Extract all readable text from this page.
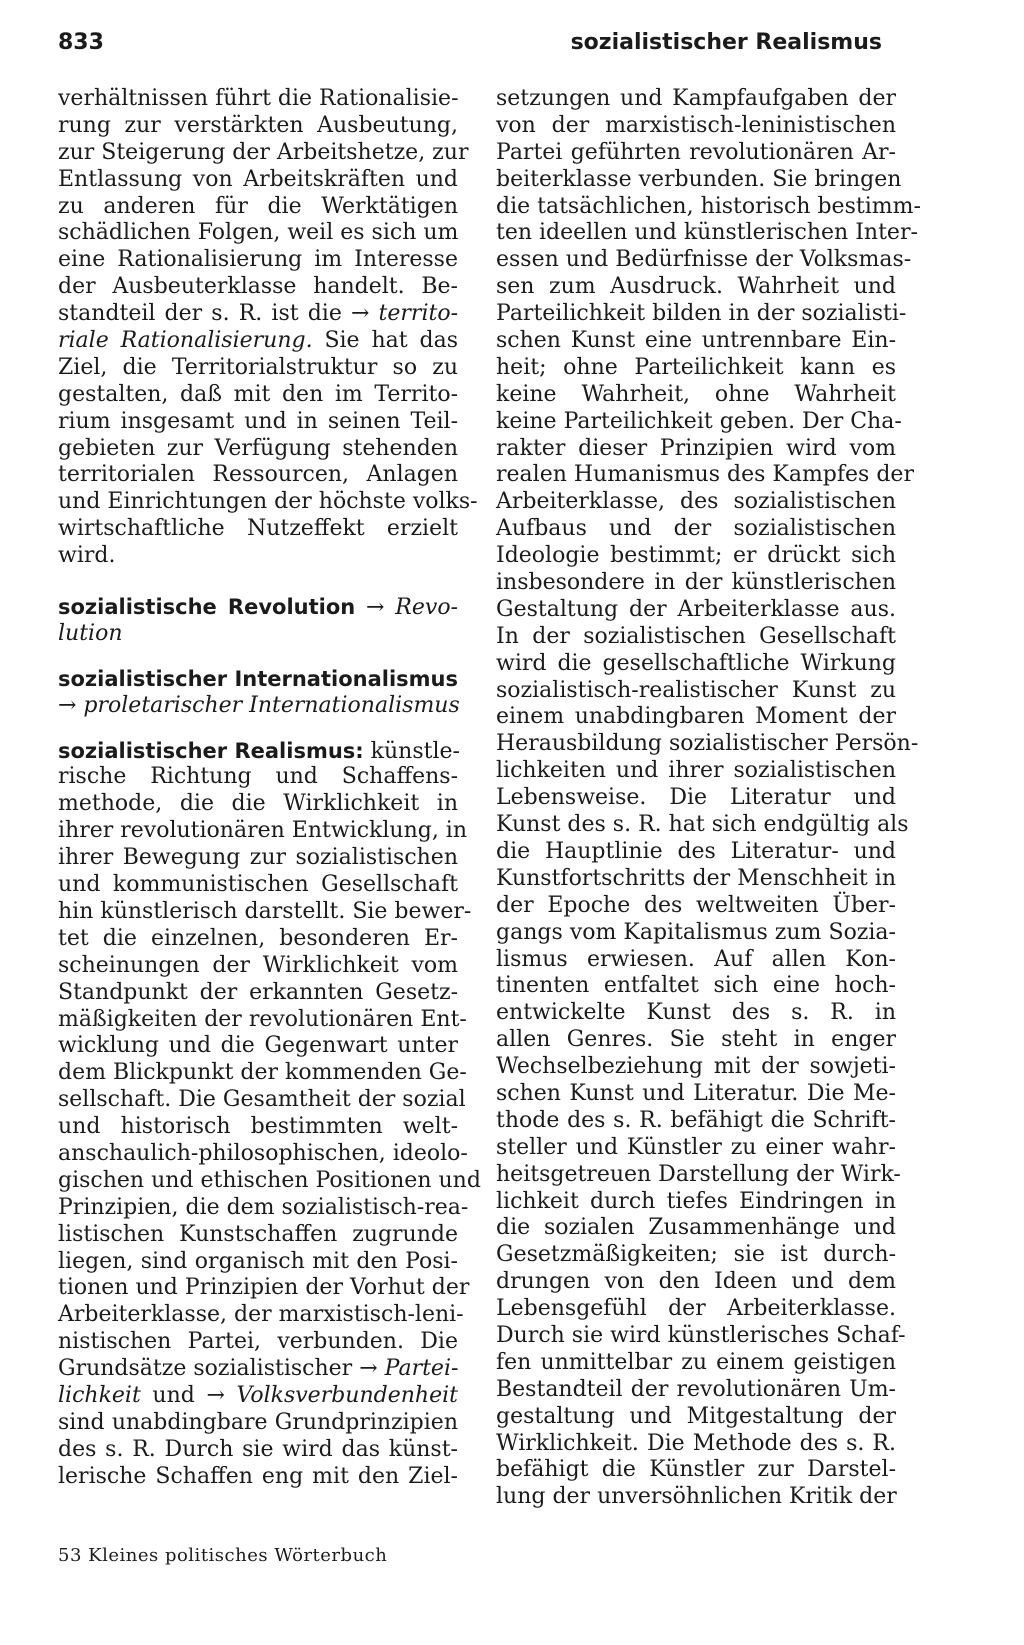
833	sozialistischer Realismus
verhältnissen führt die Rationalisie-
rung zur verstärkten Ausbeutung,
zur Steigerung der Arbeitshetze, zur
Entlassung von Arbeitskräften und
zu anderen für die Werktätigen
schädlichen Folgen, weil es sich um
eine Rationalisierung im Interesse
der Ausbeuterklasse handelt. Be-
standteil der s. R. ist die → territo-
riale Rationalisierung. Sie hat das
Ziel, die Territorialstruktur so zu
gestalten, daß mit den im Territo-
rium insgesamt und in seinen Teil-
gebieten zur Verfügung stehenden
territorialen Ressourcen, Anlagen
und Einrichtungen der höchste volks-
wirtschaftliche Nutzeffekt erzielt
wird.
sozialistische Revolution → Revo-
lution
sozialistischer Internationalismus
→ proletarischer Internationalismus
sozialistischer Realismus: künstle-
rische Richtung und Schaffens-
methode, die die Wirklichkeit in
ihrer revolutionären Entwicklung, in
ihrer Bewegung zur sozialistischen
und kommunistischen Gesellschaft
hin künstlerisch darstellt. Sie bewer-
tet die einzelnen, besonderen Er-
scheinungen der Wirklichkeit vom
Standpunkt der erkannten Gesetz-
mäßigkeiten der revolutionären Ent-
wicklung und die Gegenwart unter
dem Blickpunkt der kommenden Ge-
sellschaft. Die Gesamtheit der sozial
und historisch bestimmten welt-
anschaulich-philosophischen, ideolo-
gischen und ethischen Positionen und
Prinzipien, die dem sozialistisch-rea-
listischen Kunstschaffen zugrunde
liegen, sind organisch mit den Posi-
tionen und Prinzipien der Vorhut der
Arbeiterklasse, der marxistisch-leni-
nistischen Partei, verbunden. Die
Grundsätze sozialistischer → Partei-
lichkeit und → Volksverbundenheit
sind unabdingbare Grundprinzipien
des s. R. Durch sie wird das künst-
lerische Schaffen eng mit den Ziel-
setzungen und Kampfaufgaben der
von der marxistisch-leninistischen
Partei geführten revolutionären Ar-
beiterklasse verbunden. Sie bringen
die tatsächlichen, historisch bestimm-
ten ideellen und künstlerischen Inter-
essen und Bedürfnisse der Volksmas-
sen zum Ausdruck. Wahrheit und
Parteilichkeit bilden in der sozialisti-
schen Kunst eine untrennbare Ein-
heit; ohne Parteilichkeit kann es
keine Wahrheit, ohne Wahrheit
keine Parteilichkeit geben. Der Cha-
rakter dieser Prinzipien wird vom
realen Humanismus des Kampfes der
Arbeiterklasse, des sozialistischen
Aufbaus und der sozialistischen
Ideologie bestimmt; er drückt sich
insbesondere in der künstlerischen
Gestaltung der Arbeiterklasse aus.
In der sozialistischen Gesellschaft
wird die gesellschaftliche Wirkung
sozialistisch-realistischer Kunst zu
einem unabdingbaren Moment der
Herausbildung sozialistischer Persön-
lichkeiten und ihrer sozialistischen
Lebensweise. Die Literatur und
Kunst des s. R. hat sich endgültig als
die Hauptlinie des Literatur- und
Kunstfortschritts der Menschheit in
der Epoche des weltweiten Über-
gangs vom Kapitalismus zum Sozia-
lismus erwiesen. Auf allen Kon-
tinenten entfaltet sich eine hoch-
entwickelte Kunst des s. R. in
allen Genres. Sie steht in enger
Wechselbeziehung mit der sowjeti-
schen Kunst und Literatur. Die Me-
thode des s. R. befähigt die Schrift-
steller und Künstler zu einer wahr-
heitsgetreuen Darstellung der Wirk-
lichkeit durch tiefes Eindringen in
die sozialen Zusammenhänge und
Gesetzmäßigkeiten; sie ist durch-
drungen von den Ideen und dem
Lebensgefühl der Arbeiterklasse.
Durch sie wird künstlerisches Schaf-
fen unmittelbar zu einem geistigen
Bestandteil der revolutionären Um-
gestaltung und Mitgestaltung der
Wirklichkeit. Die Methode des s. R.
befähigt die Künstler zur Darstel-
lung der unversöhnlichen Kritik der
53 Kleines politisches Wörterbuch
